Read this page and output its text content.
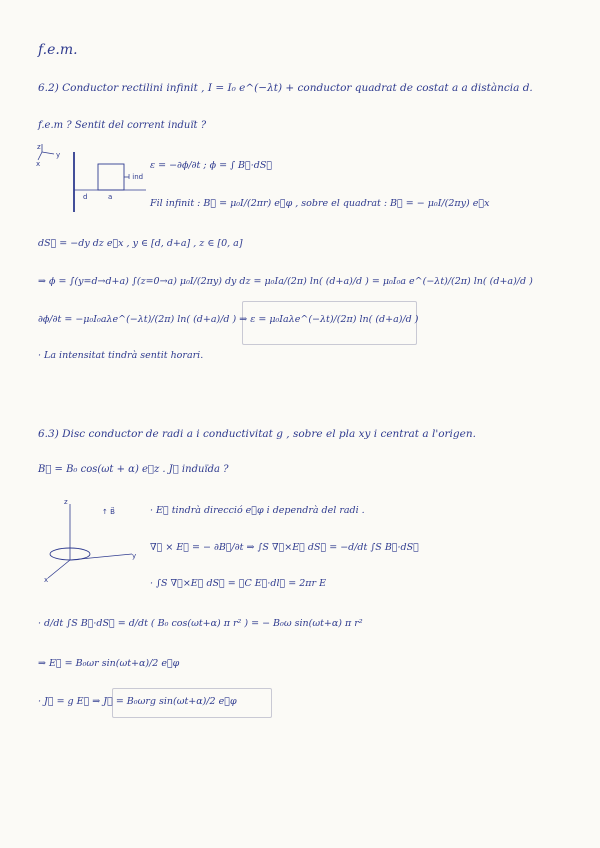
f.e.m.
6.2) Conductor rectilini infinit , I = I₀ e^(−λt) + conductor quadrat de costat a a distància d.
f.e.m ? Sentit del corrent induït ?
z
y
x
I ind
d	a
ε = −∂ϕ/∂t ; ϕ = ∫ B⃗·dS⃗
Fil infinit : B⃗ = μ₀I/(2πr) e⃗φ , sobre el quadrat : B⃗ = − μ₀I/(2πy) e⃗x
dS⃗ = −dy dz e⃗x , y ∈ [d, d+a] , z ∈ [0, a]
⇒ ϕ = ∫(y=d→d+a) ∫(z=0→a) μ₀I/(2πy) dy dz = μ₀Ia/(2π) ln( (d+a)/d ) = μ₀I₀a e^(−λt)/(2π) ln( (d+a)/d )
∂ϕ/∂t = −μ₀I₀aλe^(−λt)/(2π) ln( (d+a)/d ) ⇒ ε = μ₀Iaλe^(−λt)/(2π) ln( (d+a)/d )
· La intensitat tindrà sentit horari.
6.3) Disc conductor de radi a i conductivitat g , sobre el pla xy i centrat a l'origen.
B⃗ = B₀ cos(ωt + α) e⃗z . J⃗ induïda ?
z
y
x
↑ B⃗	· E⃗ tindrà direcció e⃗φ i dependrà del radi .
∇⃗ × E⃗ = − ∂B⃗/∂t ⇒ ∫S ∇⃗×E⃗ dS⃗ = −d/dt ∫S B⃗·dS⃗
· ∫S ∇⃗×E⃗ dS⃗ = ∮C E⃗·dl⃗ = 2πr E
· d/dt ∫S B⃗·dS⃗ = d/dt ( B₀ cos(ωt+α) π r² ) = − B₀ω sin(ωt+α) π r²
⇒ E⃗ = B₀ωr sin(ωt+α)/2 e⃗φ
· J⃗ = g E⃗ ⇒ J⃗ = B₀ωrg sin(ωt+α)/2 e⃗φ
